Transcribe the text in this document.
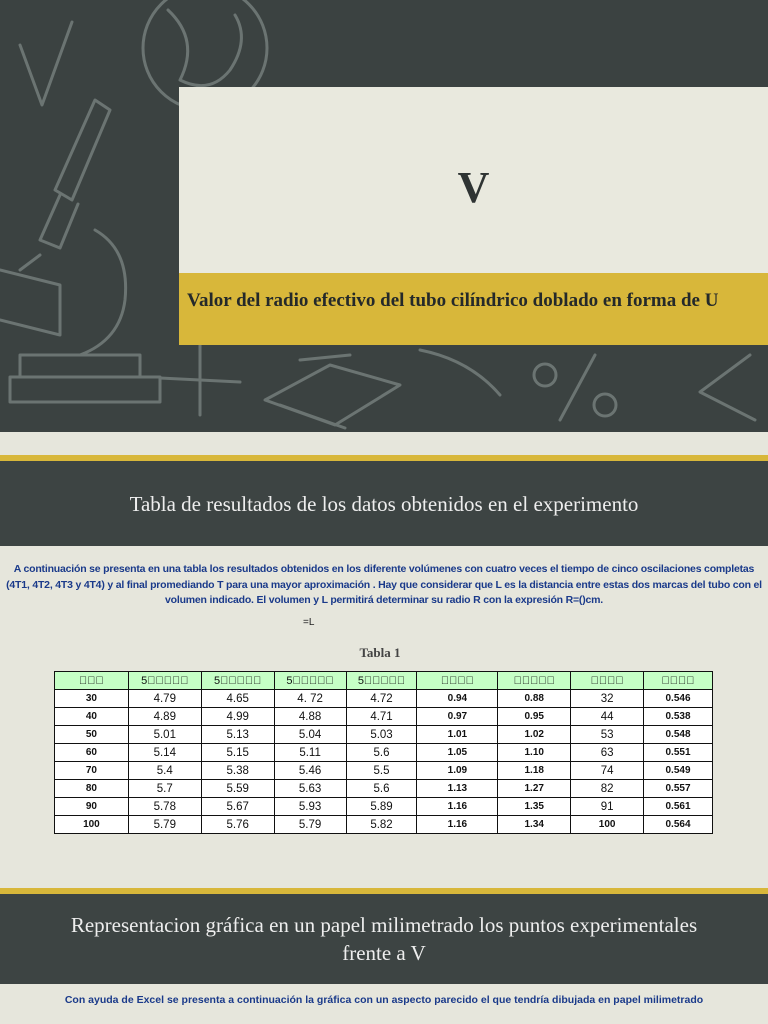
V
Valor del radio efectivo del tubo cilíndrico doblado en forma de U
Tabla de resultados de los datos obtenidos en el experimento
A continuación se presenta en una tabla los resultados obtenidos en los diferente volúmenes con cuatro veces el tiempo de cinco oscilaciones completas (4T1, 4T2, 4T3 y 4T4) y al final promediando T para una mayor aproximación . Hay que considerar que L es la distancia entre estas dos marcas del tubo con el volumen indicado. El volumen y L permitirá determinar su radio R con la expresión R=()cm.
=L
Tabla 1
	5	5	5	5				
30	4.79	4.65	4. 72	4.72	0.94	0.88	32	0.546
40	4.89	4.99	4.88	4.71	0.97	0.95	44	0.538
50	5.01	5.13	5.04	5.03	1.01	1.02	53	0.548
60	5.14	5.15	5.11	5.6	1.05	1.10	63	0.551
70	5.4	5.38	5.46	5.5	1.09	1.18	74	0.549
80	5.7	5.59	5.63	5.6	1.13	1.27	82	0.557
90	5.78	5.67	5.93	5.89	1.16	1.35	91	0.561
100	5.79	5.76	5.79	5.82	1.16	1.34	100	0.564
Representacion gráfica en un papel milimetrado los puntos experimentales frente a V
Con ayuda de Excel se presenta a continuación la gráfica con un aspecto parecido el que tendría dibujada en papel milimetrado
